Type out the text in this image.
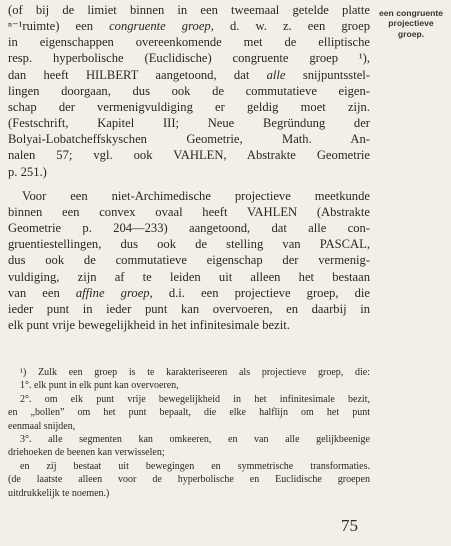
een congruente
projectieve
groep.
(of bij de limiet binnen in een tweemaal getelde platte
ⁿ⁻¹ruimte) een congruente groep, d. w. z. een groep
in eigenschappen overeenkomende met de elliptische
resp. hyperbolische (Euclidische) congruente groep ¹),
dan heeft HILBERT aangetoond, dat alle snijpuntsstel-
lingen doorgaan, dus ook de commutatieve eigen-
schap der vermenigvuldiging er geldig moet zijn.
(Festschrift, Kapitel III; Neue Begründung der
Bolyai-Lobatcheffskyschen Geometrie, Math. An-
nalen 57; vgl. ook VAHLEN, Abstrakte Geometrie
p. 251.)
Voor een niet-Archimedische projectieve meetkunde
binnen een convex ovaal heeft VAHLEN (Abstrakte
Geometrie p. 204—233) aangetoond, dat alle con-
gruentiestellingen, dus ook de stelling van PASCAL,
dus ook de commutatieve eigenschap der vermenig-
vuldiging, zijn af te leiden uit alleen het bestaan
van een affine groep, d.i. een projectieve groep, die
ieder punt in ieder punt kan overvoeren, en daarbij in
elk punt vrije bewegelijkheid in het infinitesimale bezit.
¹) Zulk een groep is te karakteriseeren als projectieve groep, die:
1°. elk punt in elk punt kan overvoeren,
2°. om elk punt vrije bewegelijkheid in het infinitesimale bezit,
en „bollen” om het punt bepaalt, die elke halflijn om het punt
eenmaal snijden,
3°. alle segmenten kan omkeeren, en van alle gelijkbeenige
driehoeken de beenen kan verwisselen;
en zij bestaat uit bewegingen en symmetrische transformaties.
(de laatste alleen voor de hyperbolische en Euclidische groepen
uitdrukkelijk te noemen.)
75
